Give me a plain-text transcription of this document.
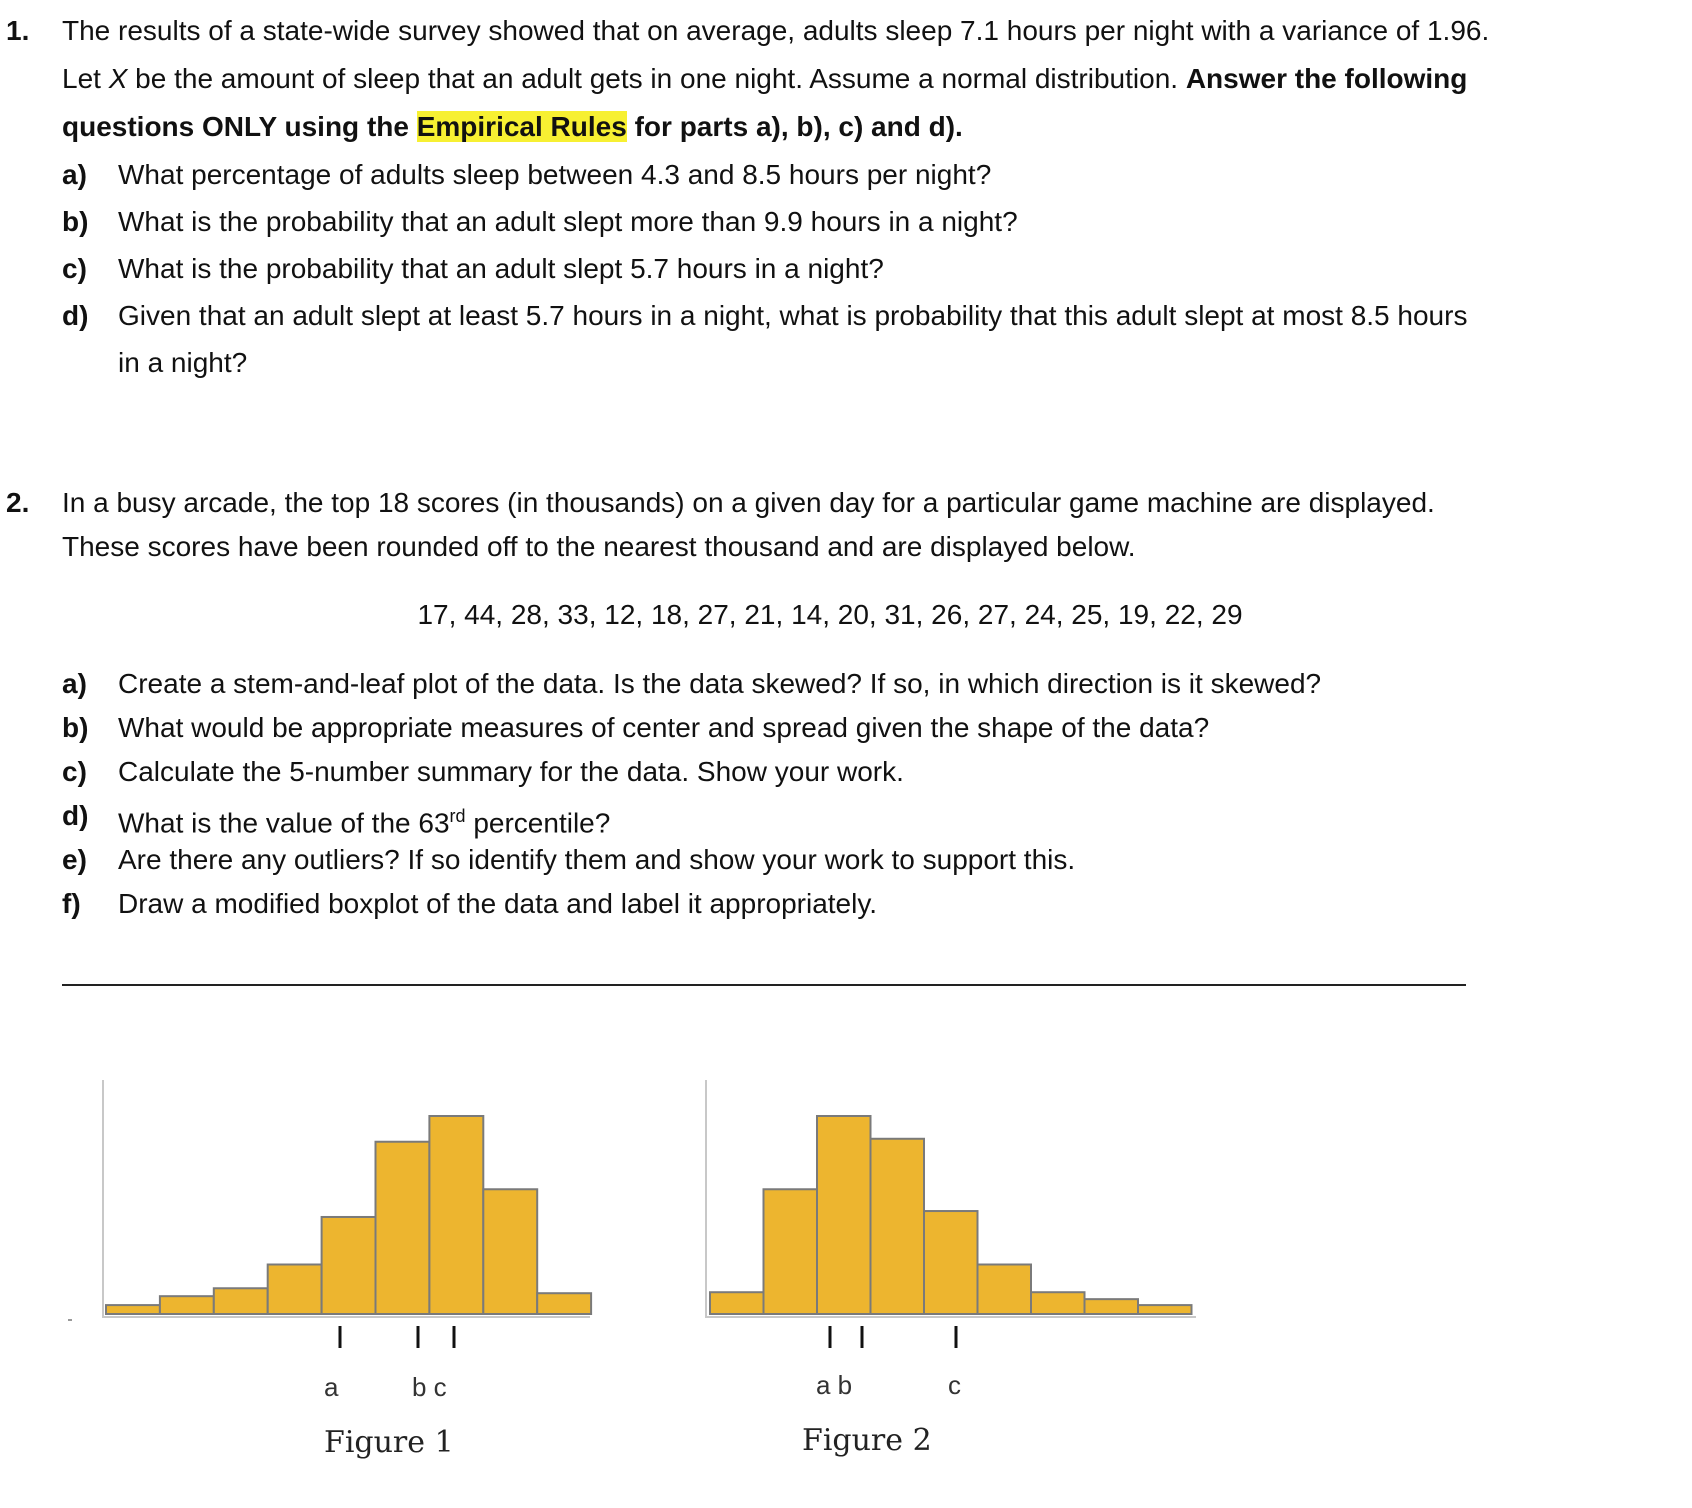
1. The results of a state-wide survey showed that on average, adults sleep 7.1 hours per night with a variance of 1.96.
Let X be the amount of sleep that an adult gets in one night. Assume a normal distribution. Answer the following
questions ONLY using the Empirical Rules for parts a), b), c) and d).
a) What percentage of adults sleep between 4.3 and 8.5 hours per night?
b) What is the probability that an adult slept more than 9.9 hours in a night?
c) What is the probability that an adult slept 5.7 hours in a night?
d) Given that an adult slept at least 5.7 hours in a night, what is probability that this adult slept at most 8.5 hours
in a night?
2. In a busy arcade, the top 18 scores (in thousands) on a given day for a particular game machine are displayed.
These scores have been rounded off to the nearest thousand and are displayed below.
17, 44, 28, 33, 12, 18, 27, 21, 14, 20, 31, 26, 27, 24, 25, 19, 22, 29
a) Create a stem-and-leaf plot of the data. Is the data skewed? If so, in which direction is it skewed?
b) What would be appropriate measures of center and spread given the shape of the data?
c) Calculate the 5-number summary for the data. Show your work.
d) What is the value of the 63rd percentile?
e) Are there any outliers? If so identify them and show your work to support this.
f) Draw a modified boxplot of the data and label it appropriately.
a	b c
Figure 1
a b	c
Figure 2
